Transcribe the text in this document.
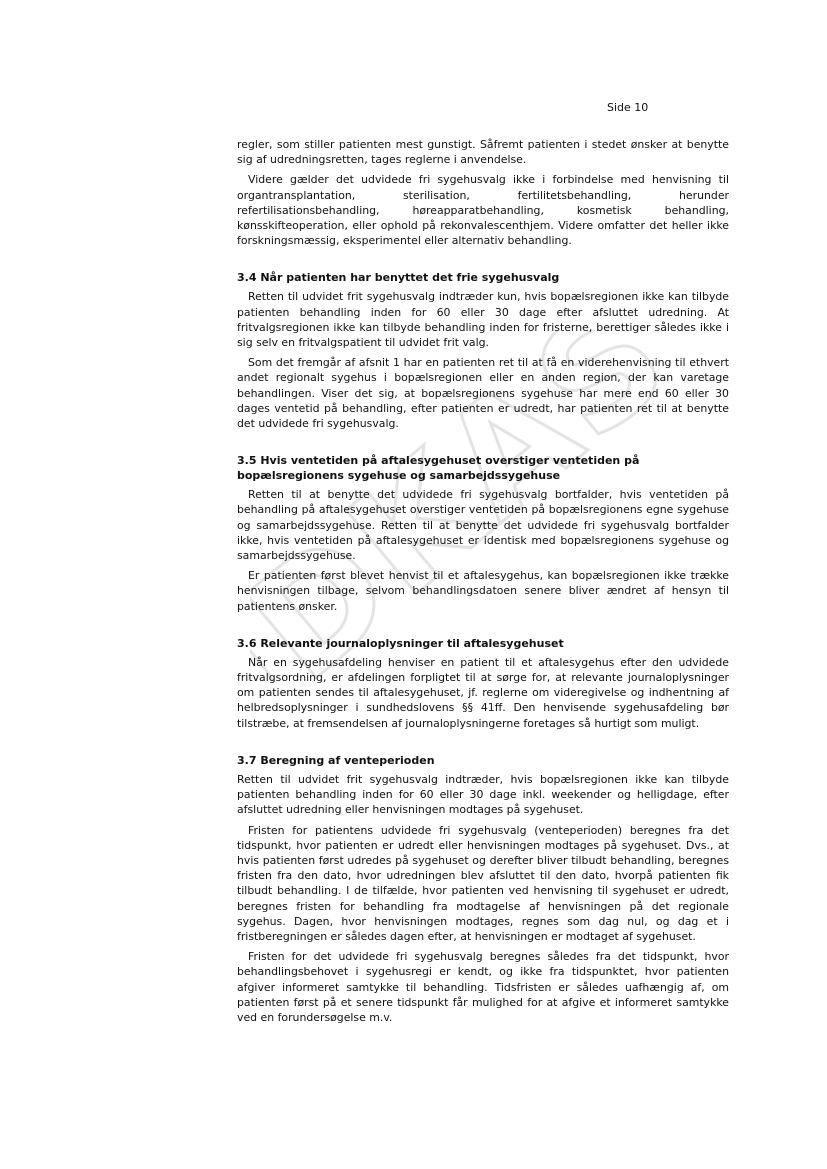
Side 10
UDKAST

regler, som stiller patienten mest gunstigt. Såfremt patienten i stedet ønsker at benytte sig af udredningsretten, tages reglerne i anvendelse.

Videre gælder det udvidede fri sygehusvalg ikke i forbindelse med henvisning til organtransplantation, sterilisation, fertilitetsbehandling, herunder refertilisationsbehandling, høreapparatbehandling, kosmetisk behandling, kønsskifteoperation, eller ophold på rekonvalescenthjem. Videre omfatter det heller ikke forskningsmæssig, eksperimentel eller alternativ behandling.

3.4 Når patienten har benyttet det frie sygehusvalg

Retten til udvidet frit sygehusvalg indtræder kun, hvis bopælsregionen ikke kan tilbyde patienten behandling inden for 60 eller 30 dage efter afsluttet udredning. At fritvalgsregionen ikke kan tilbyde behandling inden for fristerne, berettiger således ikke i sig selv en fritvalgspatient til udvidet frit valg.

Som det fremgår af afsnit 1 har en patienten ret til at få en viderehenvisning til ethvert andet regionalt sygehus i bopælsregionen eller en anden region, der kan varetage behandlingen. Viser det sig, at bopælsregionens sygehuse har mere end 60 eller 30 dages ventetid på behandling, efter patienten er udredt, har patienten ret til at benytte det udvidede fri sygehusvalg.

3.5 Hvis ventetiden på aftalesygehuset overstiger ventetiden på bopælsregionens sygehuse og samarbejdssygehuse

Retten til at benytte det udvidede fri sygehusvalg bortfalder, hvis ventetiden på behandling på aftalesygehuset overstiger ventetiden på bopælsregionens egne sygehuse og samarbejdssygehuse. Retten til at benytte det udvidede fri sygehusvalg bortfalder ikke, hvis ventetiden på aftalesygehuset er identisk med bopælsregionens sygehuse og samarbejdssygehuse.

Er patienten først blevet henvist til et aftalesygehus, kan bopælsregionen ikke trække henvisningen tilbage, selvom behandlingsdatoen senere bliver ændret af hensyn til patientens ønsker.

3.6 Relevante journaloplysninger til aftalesygehuset

Når en sygehusafdeling henviser en patient til et aftalesygehus efter den udvidede fritvalgsordning, er afdelingen forpligtet til at sørge for, at relevante journaloplysninger om patienten sendes til aftalesygehuset, jf. reglerne om videregivelse og indhentning af helbredsoplysninger i sundhedslovens §§ 41ff. Den henvisende sygehusafdeling bør tilstræbe, at fremsendelsen af journaloplysningerne foretages så hurtigt som muligt.

3.7 Beregning af venteperioden

Retten til udvidet frit sygehusvalg indtræder, hvis bopælsregionen ikke kan tilbyde patienten behandling inden for 60 eller 30 dage inkl. weekender og helligdage, efter afsluttet udredning eller henvisningen modtages på sygehuset.

Fristen for patientens udvidede fri sygehusvalg (venteperioden) beregnes fra det tidspunkt, hvor patienten er udredt eller henvisningen modtages på sygehuset. Dvs., at hvis patienten først udredes på sygehuset og derefter bliver tilbudt behandling, beregnes fristen fra den dato, hvor udredningen blev afsluttet til den dato, hvorpå patienten fik tilbudt behandling. I de tilfælde, hvor patienten ved henvisning til sygehuset er udredt, beregnes fristen for behandling fra modtagelse af henvisningen på det regionale sygehus. Dagen, hvor henvisningen modtages, regnes som dag nul, og dag et i fristberegningen er således dagen efter, at henvisningen er modtaget af sygehuset.

Fristen for det udvidede fri sygehusvalg beregnes således fra det tidspunkt, hvor behandlingsbehovet i sygehusregi er kendt, og ikke fra tidspunktet, hvor patienten afgiver informeret samtykke til behandling. Tidsfristen er således uafhængig af, om patienten først på et senere tidspunkt får mulighed for at afgive et informeret samtykke ved en forundersøgelse m.v.
